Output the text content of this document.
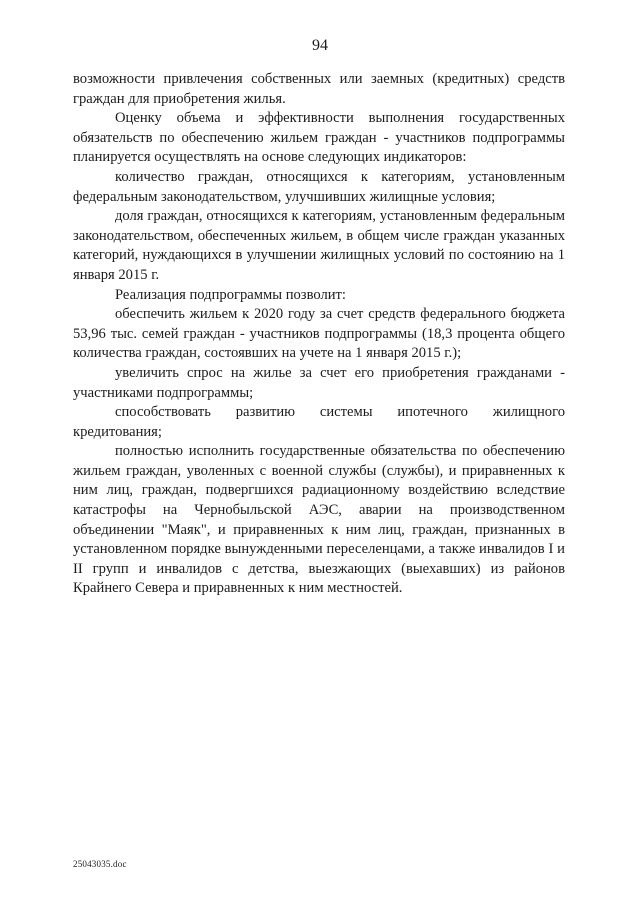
94

возможности привлечения собственных или заемных (кредитных) средств граждан для приобретения жилья.

Оценку объема и эффективности выполнения государственных обязательств по обеспечению жильем граждан - участников подпрограммы планируется осуществлять на основе следующих индикаторов:

количество граждан, относящихся к категориям, установленным федеральным законодательством, улучшивших жилищные условия;

доля граждан, относящихся к категориям, установленным федеральным законодательством, обеспеченных жильем, в общем числе граждан указанных категорий, нуждающихся в улучшении жилищных условий по состоянию на 1 января 2015 г.

Реализация подпрограммы позволит:

обеспечить жильем к 2020 году за счет средств федерального бюджета 53,96 тыс. семей граждан - участников подпрограммы (18,3 процента общего количества граждан, состоявших на учете на 1 января 2015 г.);

увеличить спрос на жилье за счет его приобретения гражданами - участниками подпрограммы;

способствовать развитию системы ипотечного жилищного кредитования;

полностью исполнить государственные обязательства по обеспечению жильем граждан, уволенных с военной службы (службы), и приравненных к ним лиц, граждан, подвергшихся радиационному воздействию вследствие катастрофы на Чернобыльской АЭС, аварии на производственном объединении "Маяк", и приравненных к ним лиц, граждан, признанных в установленном порядке вынужденными переселенцами, а также инвалидов I и II групп и инвалидов с детства, выезжающих (выехавших) из районов Крайнего Севера и приравненных к ним местностей.

25043035.doc
